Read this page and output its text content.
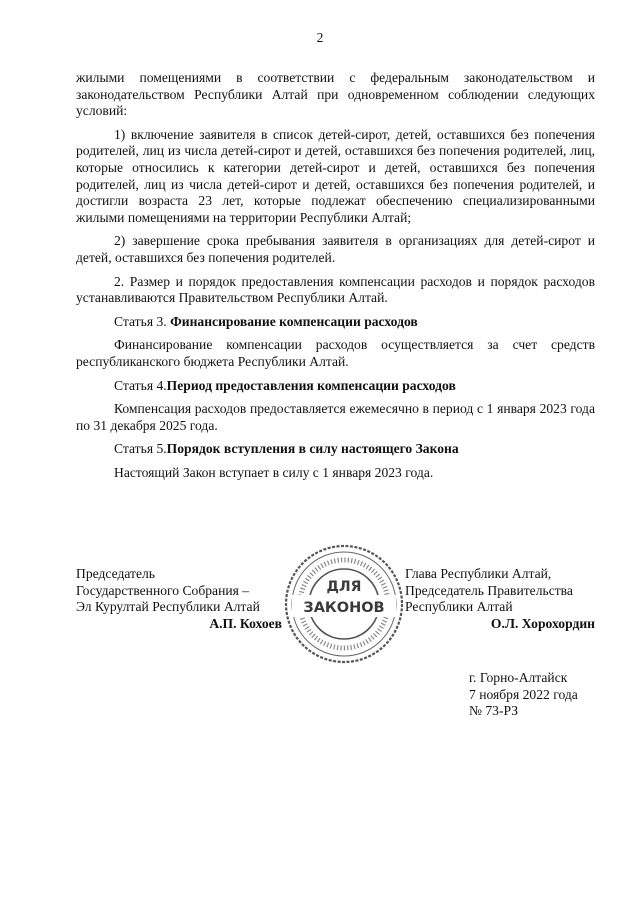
2

жилыми помещениями в соответствии с федеральным законодательством и законодательством Республики Алтай при одновременном соблюдении следующих условий:

1) включение заявителя в список детей-сирот, детей, оставшихся без попечения родителей, лиц из числа детей-сирот и детей, оставшихся без попечения родителей, лиц, которые относились к категории детей-сирот и детей, оставшихся без попечения родителей, лиц из числа детей-сирот и детей, оставшихся без попечения родителей, и достигли возраста 23 лет, которые подлежат обеспечению специализированными жилыми помещениями на территории Республики Алтай;

2) завершение срока пребывания заявителя в организациях для детей-сирот и детей, оставшихся без попечения родителей.

2. Размер и порядок предоставления компенсации расходов и порядок расходов устанавливаются Правительством Республики Алтай.

Статья 3. Финансирование компенсации расходов

Финансирование компенсации расходов осуществляется за счет средств республиканского бюджета Республики Алтай.

Статья 4.Период предоставления компенсации расходов

Компенсация расходов предоставляется ежемесячно в период с 1 января 2023 года по 31 декабря 2025 года.

Статья 5.Порядок вступления в силу настоящего Закона

Настоящий Закон вступает в силу с 1 января 2023 года.

Председатель
Государственного Собрания –
Эл Курултай Республики Алтай
А.П. Кохоев
ДЛЯ
ЗАКОНОВ
Глава Республики Алтай,
Председатель Правительства
Республики Алтай
О.Л. Хорохордин
г. Горно-Алтайск
7 ноября 2022 года
№ 73-РЗ
